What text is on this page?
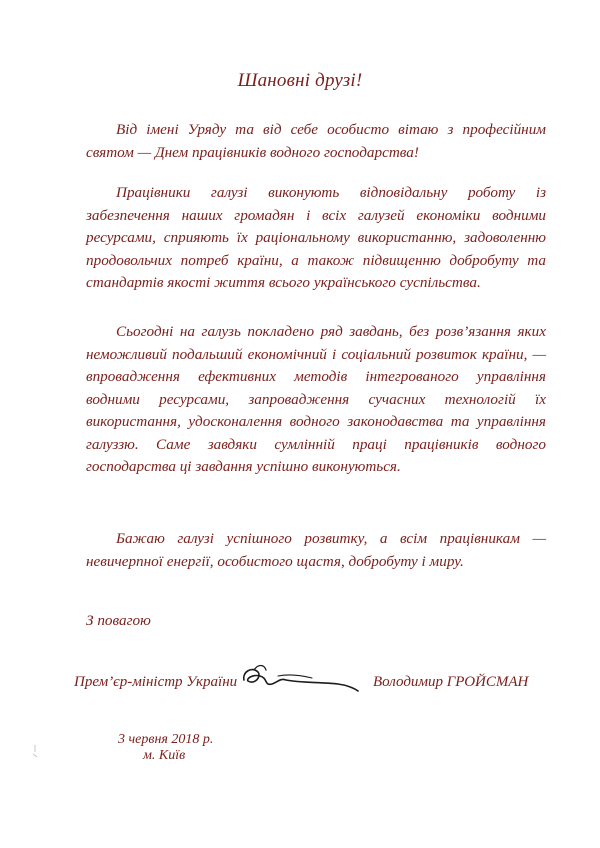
Шановні друзі!

Від імені Уряду та від себе особисто вітаю з професійним святом — Днем працівників водного господарства!

Працівники галузі виконують відповідальну роботу із забезпечення наших громадян і всіх галузей економіки водними ресурсами, сприяють їх раціональному використанню, задоволенню продовольчих потреб країни, а також підвищенню добробуту та стандартів якості життя всього українського суспільства.

Сьогодні на галузь покладено ряд завдань, без розв’язання яких неможливий подальший економічний і соціальний розвиток країни, — впровадження ефективних методів інтегрованого управління водними ресурсами, запровадження сучасних технологій їх використання, удосконалення водного законодавства та управління галуззю. Саме завдяки сумлінній праці працівників водного господарства ці завдання успішно виконуються.

Бажаю галузі успішного розвитку, а всім працівникам — невичерпної енергії, особистого щастя, добробуту і миру.

З повагою
Прем’єр-міністр України	Володимир ГРОЙСМАН
3 червня 2018 р.
м. Київ
